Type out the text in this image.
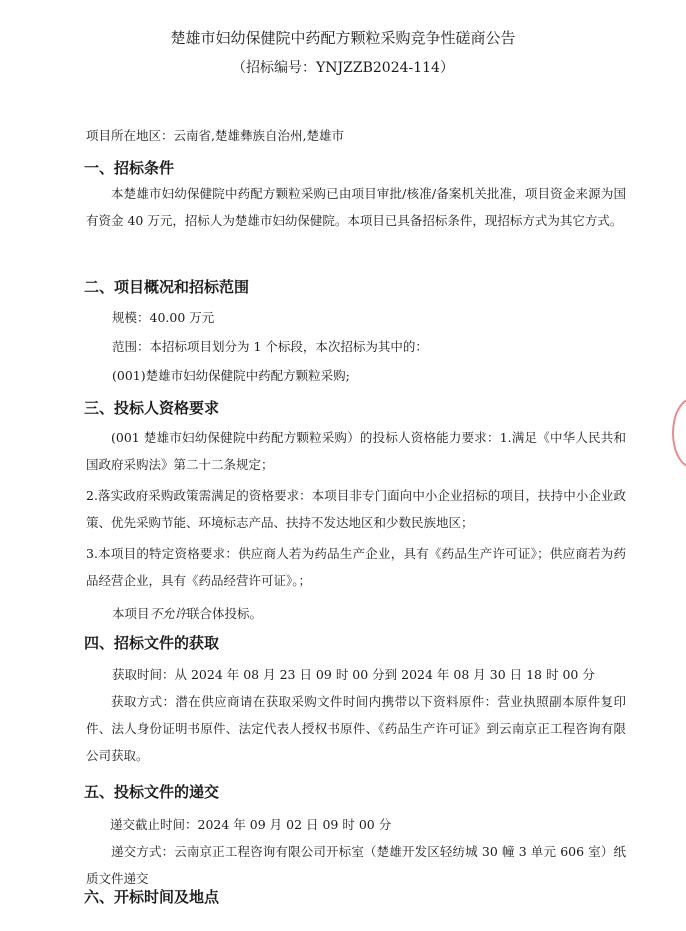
楚雄市妇幼保健院中药配方颗粒采购竞争性磋商公告
（招标编号：YNJZZB2024-114）
项目所在地区：云南省,楚雄彝族自治州,楚雄市
一、招标条件
本楚雄市妇幼保健院中药配方颗粒采购已由项目审批/核准/备案机关批准，项目资金来源为国有资金 40 万元，招标人为楚雄市妇幼保健院。本项目已具备招标条件，现招标方式为其它方式。
二、项目概况和招标范围
规模：40.00 万元
范围：本招标项目划分为 1 个标段，本次招标为其中的：
(001)楚雄市妇幼保健院中药配方颗粒采购;
三、投标人资格要求
(001 楚雄市妇幼保健院中药配方颗粒采购）的投标人资格能力要求：1.满足《中华人民共和国政府采购法》第二十二条规定；
2.落实政府采购政策需满足的资格要求：本项目非专门面向中小企业招标的项目，扶持中小企业政策、优先采购节能、环境标志产品、扶持不发达地区和少数民族地区；
3.本项目的特定资格要求：供应商人若为药品生产企业，具有《药品生产许可证》；供应商若为药品经营企业，具有《药品经营许可证》。；
本项目不允许联合体投标。
四、招标文件的获取
获取时间：从 2024 年 08 月 23 日 09 时 00 分到 2024 年 08 月 30 日 18 时 00 分
获取方式：潜在供应商请在获取采购文件时间内携带以下资料原件：营业执照副本原件复印件、法人身份证明书原件、法定代表人授权书原件、《药品生产许可证》到云南京正工程咨询有限公司获取。
五、投标文件的递交
递交截止时间：2024 年 09 月 02 日 09 时 00 分
递交方式：云南京正工程咨询有限公司开标室（楚雄开发区轻纺城 30 幢 3 单元 606 室）纸质文件递交
六、开标时间及地点
